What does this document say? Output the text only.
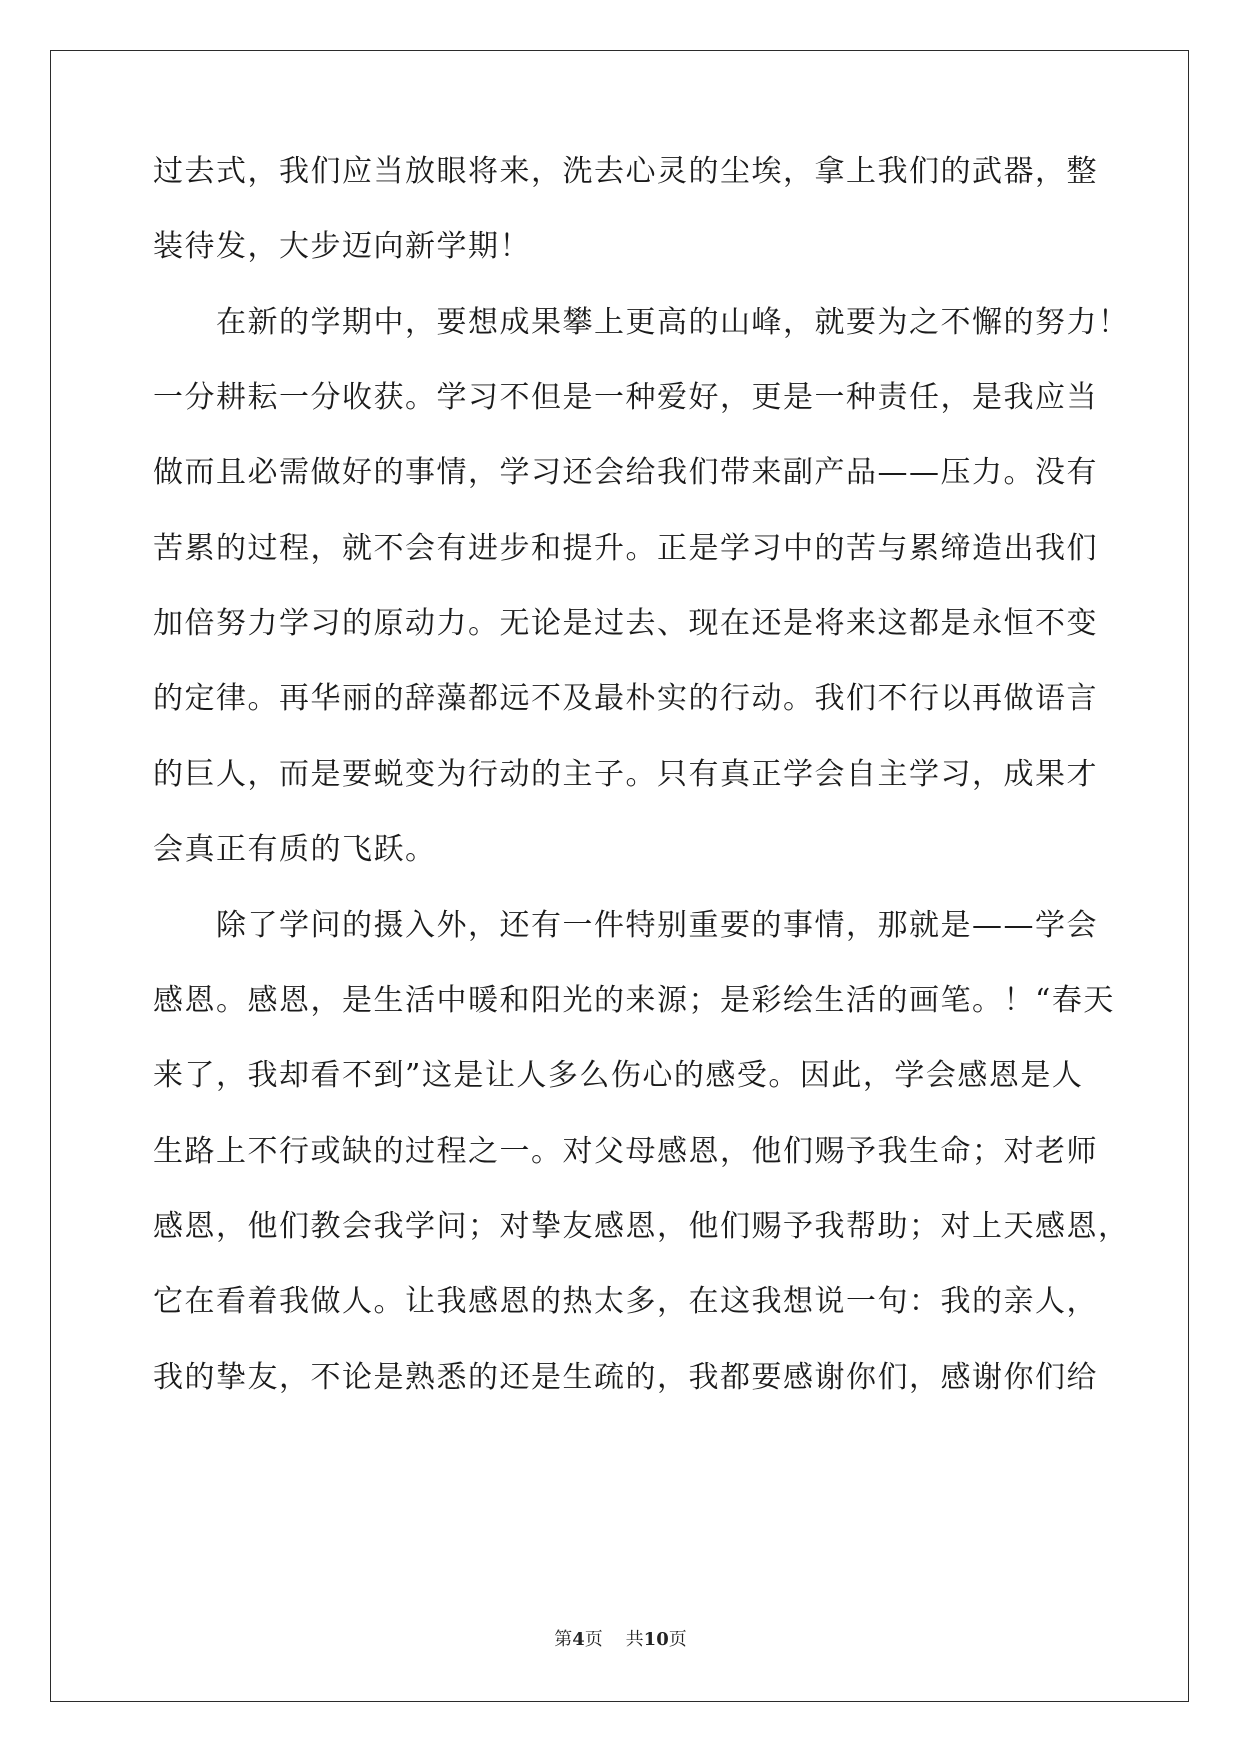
过去式，我们应当放眼将来，洗去心灵的尘埃，拿上我们的武器，整
装待发，大步迈向新学期！
　　在新的学期中，要想成果攀上更高的山峰，就要为之不懈的努力！
一分耕耘一分收获。学习不但是一种爱好，更是一种责任，是我应当
做而且必需做好的事情，学习还会给我们带来副产品——压力。没有
苦累的过程，就不会有进步和提升。正是学习中的苦与累缔造出我们
加倍努力学习的原动力。无论是过去、现在还是将来这都是永恒不变
的定律。再华丽的辞藻都远不及最朴实的行动。我们不行以再做语言
的巨人，而是要蜕变为行动的主子。只有真正学会自主学习，成果才
会真正有质的飞跃。
　　除了学问的摄入外，还有一件特别重要的事情，那就是——学会
感恩。感恩，是生活中暖和阳光的来源；是彩绘生活的画笔。！“春天
来了，我却看不到”这是让人多么伤心的感受。因此，学会感恩是人
生路上不行或缺的过程之一。对父母感恩，他们赐予我生命；对老师
感恩，他们教会我学问；对挚友感恩，他们赐予我帮助；对上天感恩，
它在看着我做人。让我感恩的热太多，在这我想说一句：我的亲人，
我的挚友，不论是熟悉的还是生疏的，我都要感谢你们，感谢你们给
第4页 共10页
